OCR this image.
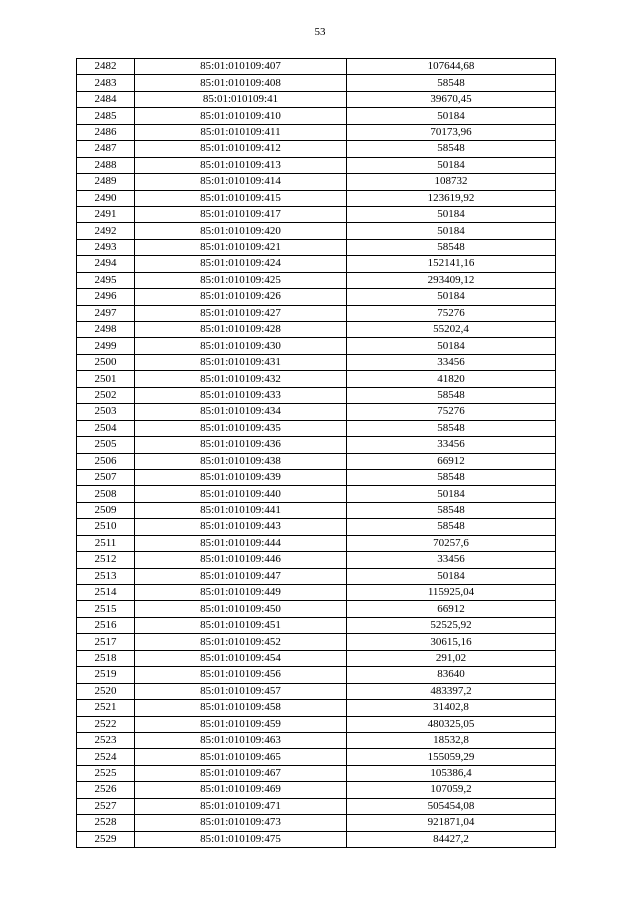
53
2482	85:01:010109:407	107644,68
2483	85:01:010109:408	58548
2484	85:01:010109:41	39670,45
2485	85:01:010109:410	50184
2486	85:01:010109:411	70173,96
2487	85:01:010109:412	58548
2488	85:01:010109:413	50184
2489	85:01:010109:414	108732
2490	85:01:010109:415	123619,92
2491	85:01:010109:417	50184
2492	85:01:010109:420	50184
2493	85:01:010109:421	58548
2494	85:01:010109:424	152141,16
2495	85:01:010109:425	293409,12
2496	85:01:010109:426	50184
2497	85:01:010109:427	75276
2498	85:01:010109:428	55202,4
2499	85:01:010109:430	50184
2500	85:01:010109:431	33456
2501	85:01:010109:432	41820
2502	85:01:010109:433	58548
2503	85:01:010109:434	75276
2504	85:01:010109:435	58548
2505	85:01:010109:436	33456
2506	85:01:010109:438	66912
2507	85:01:010109:439	58548
2508	85:01:010109:440	50184
2509	85:01:010109:441	58548
2510	85:01:010109:443	58548
2511	85:01:010109:444	70257,6
2512	85:01:010109:446	33456
2513	85:01:010109:447	50184
2514	85:01:010109:449	115925,04
2515	85:01:010109:450	66912
2516	85:01:010109:451	52525,92
2517	85:01:010109:452	30615,16
2518	85:01:010109:454	291,02
2519	85:01:010109:456	83640
2520	85:01:010109:457	483397,2
2521	85:01:010109:458	31402,8
2522	85:01:010109:459	480325,05
2523	85:01:010109:463	18532,8
2524	85:01:010109:465	155059,29
2525	85:01:010109:467	105386,4
2526	85:01:010109:469	107059,2
2527	85:01:010109:471	505454,08
2528	85:01:010109:473	921871,04
2529	85:01:010109:475	84427,2
